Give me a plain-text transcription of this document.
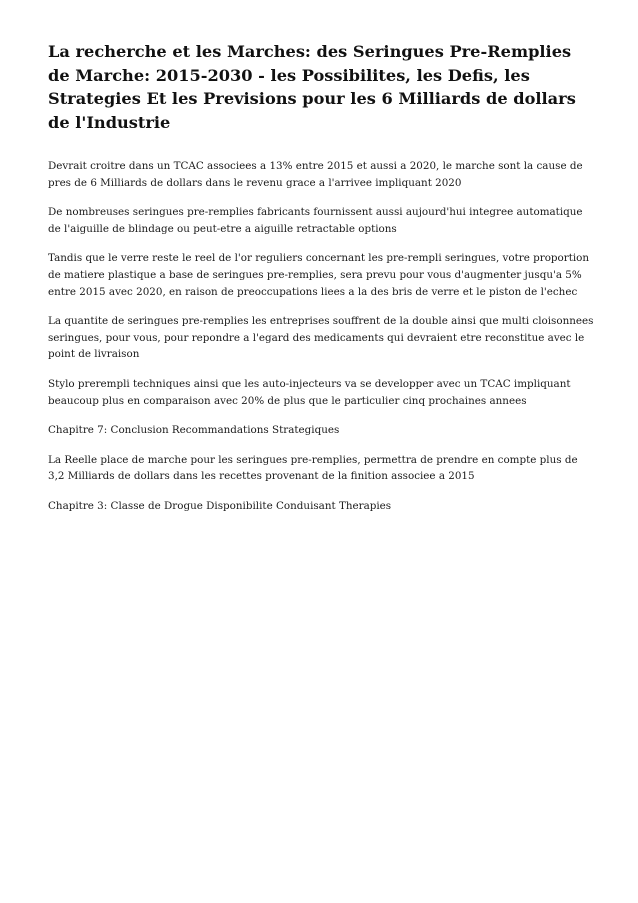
La recherche et les Marches: des Seringues Pre-Remplies de Marche: 2015-2030 - les Possibilites, les Defis, les Strategies Et les Previsions pour les 6 Milliards de dollars de l'Industrie

Devrait croitre dans un TCAC associees a 13% entre 2015 et aussi a 2020, le marche sont la cause de pres de 6 Milliards de dollars dans le revenu grace a l'arrivee impliquant 2020

De nombreuses seringues pre-remplies fabricants fournissent aussi aujourd'hui integree automatique de l'aiguille de blindage ou peut-etre a aiguille retractable options

Tandis que le verre reste le reel de l'or reguliers concernant les pre-rempli seringues, votre proportion de matiere plastique a base de seringues pre-remplies, sera prevu pour vous d'augmenter jusqu'a 5% entre 2015 avec 2020, en raison de preoccupations liees a la des bris de verre et le piston de l'echec

La quantite de seringues pre-remplies les entreprises souffrent de la double ainsi que multi cloisonnees seringues, pour vous, pour repondre a l'egard des medicaments qui devraient etre reconstitue avec le point de livraison

Stylo prerempli techniques ainsi que les auto-injecteurs va se developper avec un TCAC impliquant beaucoup plus en comparaison avec 20% de plus que le particulier cinq prochaines annees

Chapitre 7: Conclusion Recommandations Strategiques

La Reelle place de marche pour les seringues pre-remplies, permettra de prendre en compte plus de 3,2 Milliards de dollars dans les recettes provenant de la finition associee a 2015

Chapitre 3: Classe de Drogue Disponibilite Conduisant Therapies
